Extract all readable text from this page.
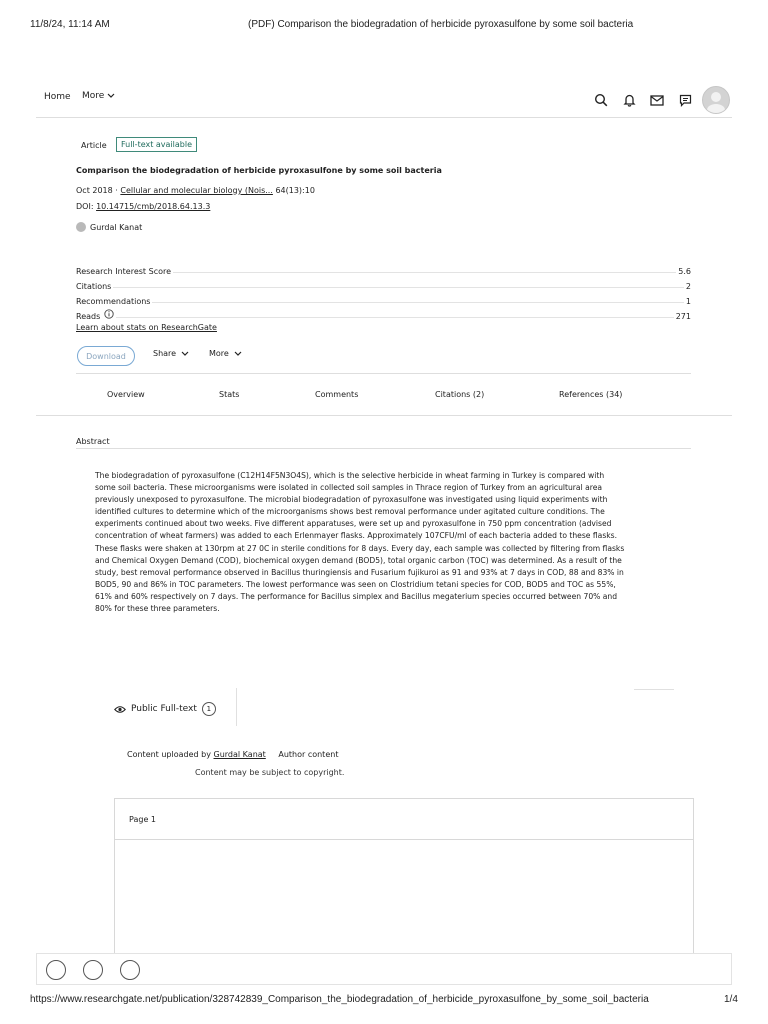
11/8/24, 11:14 AM	(PDF) Comparison the biodegradation of herbicide pyroxasulfone by some soil bacteria
Home More
Article	Full-text available
Comparison the biodegradation of herbicide pyroxasulfone by some soil bacteria
Oct 2018 · Cellular and molecular biology (Nois... 64(13):10
DOI: 10.14715/cmb/2018.64.13.3
Gurdal Kanat
Research Interest Score	5.6
Citations	2
Recommendations	1
Reads	271
Learn about stats on ResearchGate
Download	Share	More
Overview	Stats	Comments	Citations (2)	References (34)
Abstract
The biodegradation of pyroxasulfone (C12H14F5N3O4S), which is the selective herbicide in wheat farming in Turkey is compared with
some soil bacteria. These microorganisms were isolated in collected soil samples in Thrace region of Turkey from an agricultural area
previously unexposed to pyroxasulfone. The microbial biodegradation of pyroxasulfone was investigated using liquid experiments with
identified cultures to determine which of the microorganisms shows best removal performance under agitated culture conditions. The
experiments continued about two weeks. Five different apparatuses, were set up and pyroxasulfone in 750 ppm concentration (advised
concentration of wheat farmers) was added to each Erlenmayer flasks. Approximately 107CFU/ml of each bacteria added to these flasks.
These flasks were shaken at 130rpm at 27 0C in sterile conditions for 8 days. Every day, each sample was collected by filtering from flasks
and Chemical Oxygen Demand (COD), biochemical oxygen demand (BOD5), total organic carbon (TOC) was determined. As a result of the
study, best removal performance observed in Bacillus thuringiensis and Fusarium fujikuroi as 91 and 93% at 7 days in COD, 88 and 83% in
BOD5, 90 and 86% in TOC parameters. The lowest performance was seen on Clostridium tetani species for COD, BOD5 and TOC as 55%,
61% and 60% respectively on 7 days. The performance for Bacillus simplex and Bacillus megaterium species occurred between 70% and
80% for these three parameters.
Public Full-text	1
Content uploaded by Gurdal Kanat Author content
Content may be subject to copyright.
Page 1
https://www.researchgate.net/publication/328742839_Comparison_the_biodegradation_of_herbicide_pyroxasulfone_by_some_soil_bacteria	1/4
